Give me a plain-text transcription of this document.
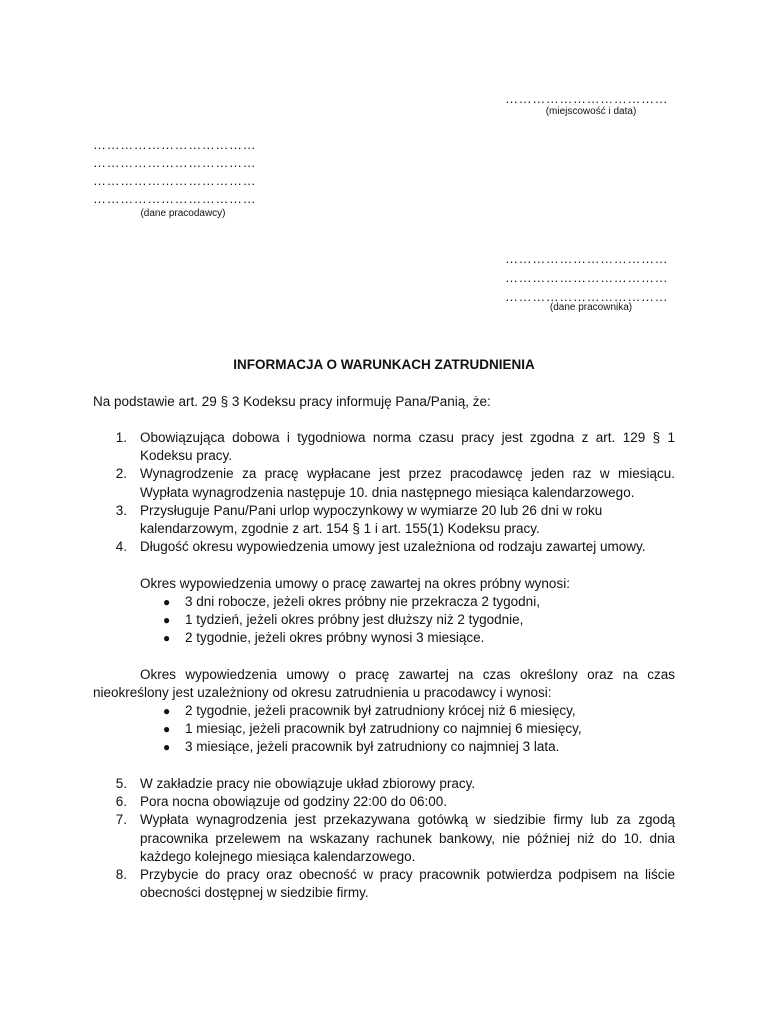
………………………………
(miejscowość i data)
………………………………
………………………………
………………………………
………………………………
(dane pracodawcy)
………………………………
………………………………
………………………………
(dane pracownika)
INFORMACJA O WARUNKACH ZATRUDNIENIA
Na podstawie art. 29 § 3 Kodeksu pracy informuję Pana/Panią, że:
1. Obowiązująca dobowa i tygodniowa norma czasu pracy jest zgodna z art. 129 § 1 Kodeksu pracy.
2. Wynagrodzenie za pracę wypłacane jest przez pracodawcę jeden raz w miesiącu. Wypłata wynagrodzenia następuje 10. dnia następnego miesiąca kalendarzowego.
3. Przysługuje Panu/Pani urlop wypoczynkowy w wymiarze 20 lub 26 dni w roku
kalendarzowym, zgodnie z art. 154 § 1 i art. 155(1) Kodeksu pracy.
4. Długość okresu wypowiedzenia umowy jest uzależniona od rodzaju zawartej umowy.
Okres wypowiedzenia umowy o pracę zawartej na okres próbny wynosi:
● 3 dni robocze, jeżeli okres próbny nie przekracza 2 tygodni,
● 1 tydzień, jeżeli okres próbny jest dłuższy niż 2 tygodnie,
● 2 tygodnie, jeżeli okres próbny wynosi 3 miesiące.
Okres wypowiedzenia umowy o pracę zawartej na czas określony oraz na czas
nieokreślony jest uzależniony od okresu zatrudnienia u pracodawcy i wynosi:
● 2 tygodnie, jeżeli pracownik był zatrudniony krócej niż 6 miesięcy,
● 1 miesiąc, jeżeli pracownik był zatrudniony co najmniej 6 miesięcy,
● 3 miesiące, jeżeli pracownik był zatrudniony co najmniej 3 lata.
5. W zakładzie pracy nie obowiązuje układ zbiorowy pracy.
6. Pora nocna obowiązuje od godziny 22:00 do 06:00.
7. Wypłata wynagrodzenia jest przekazywana gotówką w siedzibie firmy lub za zgodą pracownika przelewem na wskazany rachunek bankowy, nie później niż do 10. dnia każdego kolejnego miesiąca kalendarzowego.
8. Przybycie do pracy oraz obecność w pracy pracownik potwierdza podpisem na liście obecności dostępnej w siedzibie firmy.
